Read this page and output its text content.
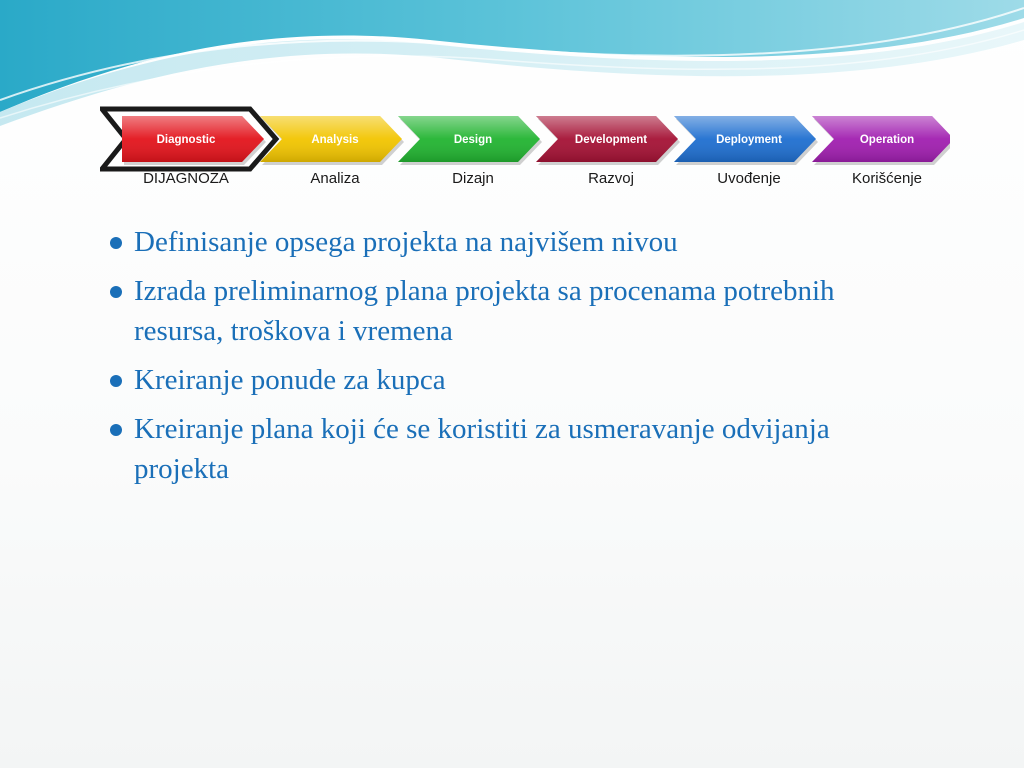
Diagnostic
DIJAGNOZA
Analysis
Analiza
Design
Dizajn
Development
Razvoj
Deployment
Uvođenje
Operation
Korišćenje
Definisanje opsega projekta na najvišem nivou
Izrada preliminarnog plana projekta sa procenama potrebnih resursa, troškova i vremena
Kreiranje ponude za kupca
Kreiranje plana koji će se koristiti za usmeravanje odvijanja projekta
